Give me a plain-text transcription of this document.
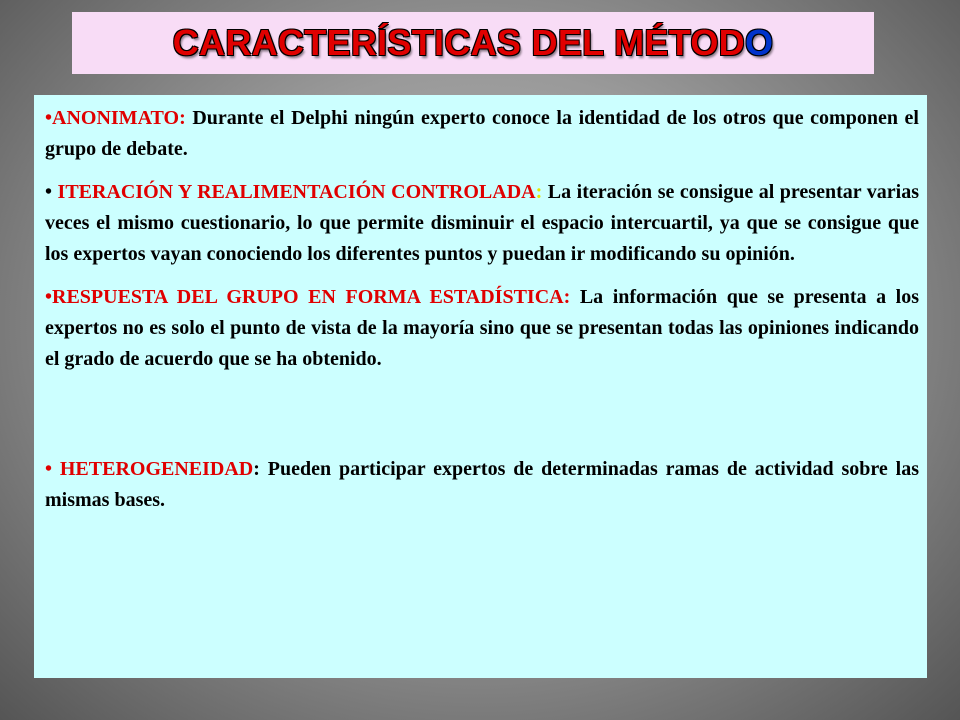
CARACTERÍSTICAS DEL MÉTODO

•ANONIMATO: Durante el Delphi ningún experto conoce la identidad de los otros que componen el grupo de debate.

• ITERACIÓN Y REALIMENTACIÓN CONTROLADA: La iteración se consigue al presentar varias veces el mismo cuestionario, lo que permite disminuir el espacio intercuartil, ya que se consigue que los expertos vayan conociendo los diferentes puntos y puedan ir modificando su opinión.

•RESPUESTA DEL GRUPO EN FORMA ESTADÍSTICA: La información que se presenta a los expertos no es solo el punto de vista de la mayoría sino que se presentan todas las opiniones indicando el grado de acuerdo que se ha obtenido.

• HETEROGENEIDAD: Pueden participar expertos de determinadas ramas de actividad sobre las mismas bases.
